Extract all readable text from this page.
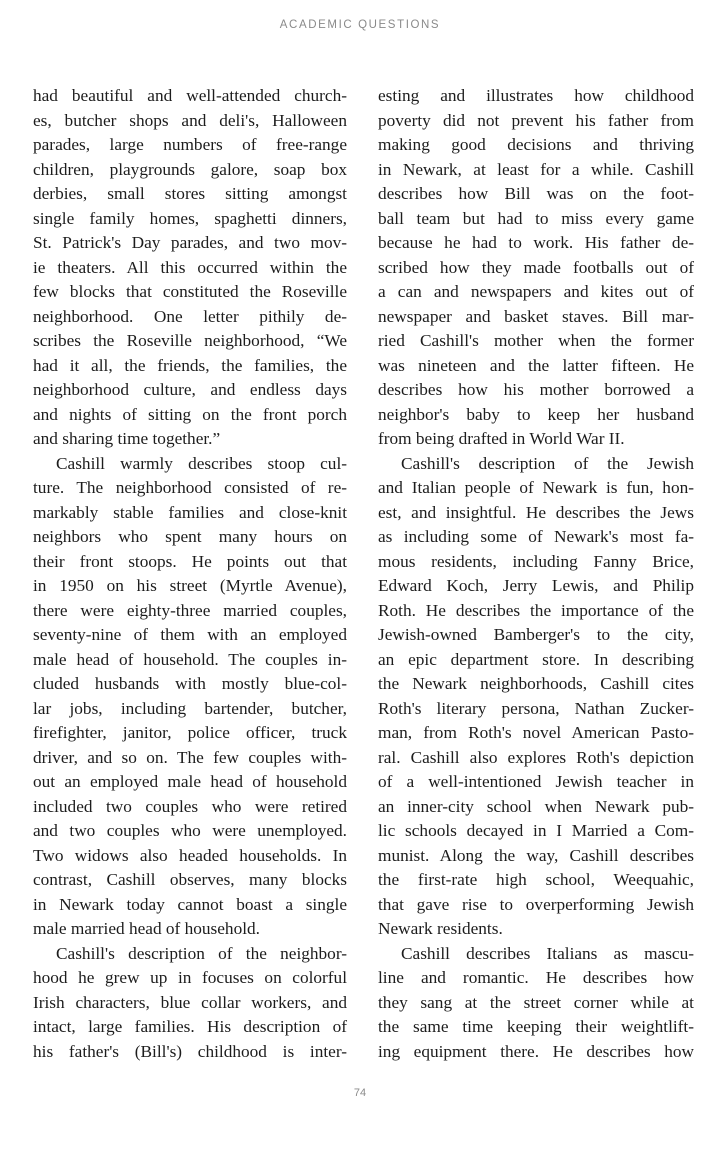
ACADEMIC QUESTIONS
had beautiful and well-attended church-
es, butcher shops and deli's, Halloween
parades, large numbers of free-range
children, playgrounds galore, soap box
derbies, small stores sitting amongst
single family homes, spaghetti dinners,
St. Patrick's Day parades, and two mov-
ie theaters. All this occurred within the
few blocks that constituted the Roseville
neighborhood. One letter pithily de-
scribes the Roseville neighborhood, “We
had it all, the friends, the families, the
neighborhood culture, and endless days
and nights of sitting on the front porch
and sharing time together.”
Cashill warmly describes stoop cul-
ture. The neighborhood consisted of re-
markably stable families and close-knit
neighbors who spent many hours on
their front stoops. He points out that
in 1950 on his street (Myrtle Avenue),
there were eighty-three married couples,
seventy-nine of them with an employed
male head of household. The couples in-
cluded husbands with mostly blue-col-
lar jobs, including bartender, butcher,
firefighter, janitor, police officer, truck
driver, and so on. The few couples with-
out an employed male head of household
included two couples who were retired
and two couples who were unemployed.
Two widows also headed households. In
contrast, Cashill observes, many blocks
in Newark today cannot boast a single
male married head of household.
Cashill's description of the neighbor-
hood he grew up in focuses on colorful
Irish characters, blue collar workers, and
intact, large families. His description of
his father's (Bill's) childhood is inter-
esting and illustrates how childhood
poverty did not prevent his father from
making good decisions and thriving
in Newark, at least for a while. Cashill
describes how Bill was on the foot-
ball team but had to miss every game
because he had to work. His father de-
scribed how they made footballs out of
a can and newspapers and kites out of
newspaper and basket staves. Bill mar-
ried Cashill's mother when the former
was nineteen and the latter fifteen. He
describes how his mother borrowed a
neighbor's baby to keep her husband
from being drafted in World War II.
Cashill's description of the Jewish
and Italian people of Newark is fun, hon-
est, and insightful. He describes the Jews
as including some of Newark's most fa-
mous residents, including Fanny Brice,
Edward Koch, Jerry Lewis, and Philip
Roth. He describes the importance of the
Jewish-owned Bamberger's to the city,
an epic department store. In describing
the Newark neighborhoods, Cashill cites
Roth's literary persona, Nathan Zucker-
man, from Roth's novel American Pasto-
ral. Cashill also explores Roth's depiction
of a well-intentioned Jewish teacher in
an inner-city school when Newark pub-
lic schools decayed in I Married a Com-
munist. Along the way, Cashill describes
the first-rate high school, Weequahic,
that gave rise to overperforming Jewish
Newark residents.
Cashill describes Italians as mascu-
line and romantic. He describes how
they sang at the street corner while at
the same time keeping their weightlift-
ing equipment there. He describes how
74
